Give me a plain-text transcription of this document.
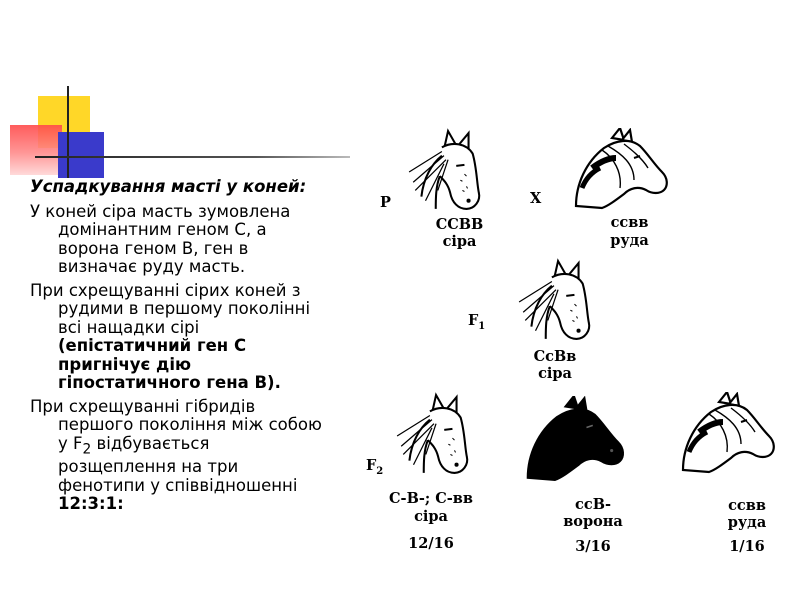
Успадкування масті у коней:
У коней сіра масть зумовлена домінантним геном С, а ворона геном В, ген в визначає руду масть.
При схрещуванні сірих коней з рудими в першому поколінні всі нащадки сірі (епістатичний ген С пригнічує дію гіпостатичного гена В).
При схрещуванні гібридів першого покоління між собою у $F_2$ відбувається розщеплення на три фенотипи у співвідношенні 12:3:1:
P	X
ССВВ
сіра
ссвв
руда
$F_1$
СсВв
сіра
$F_2$
С-В-; С-вв
сіра
12/16
ссВ-
ворона
3/16
ссвв
руда
1/16
